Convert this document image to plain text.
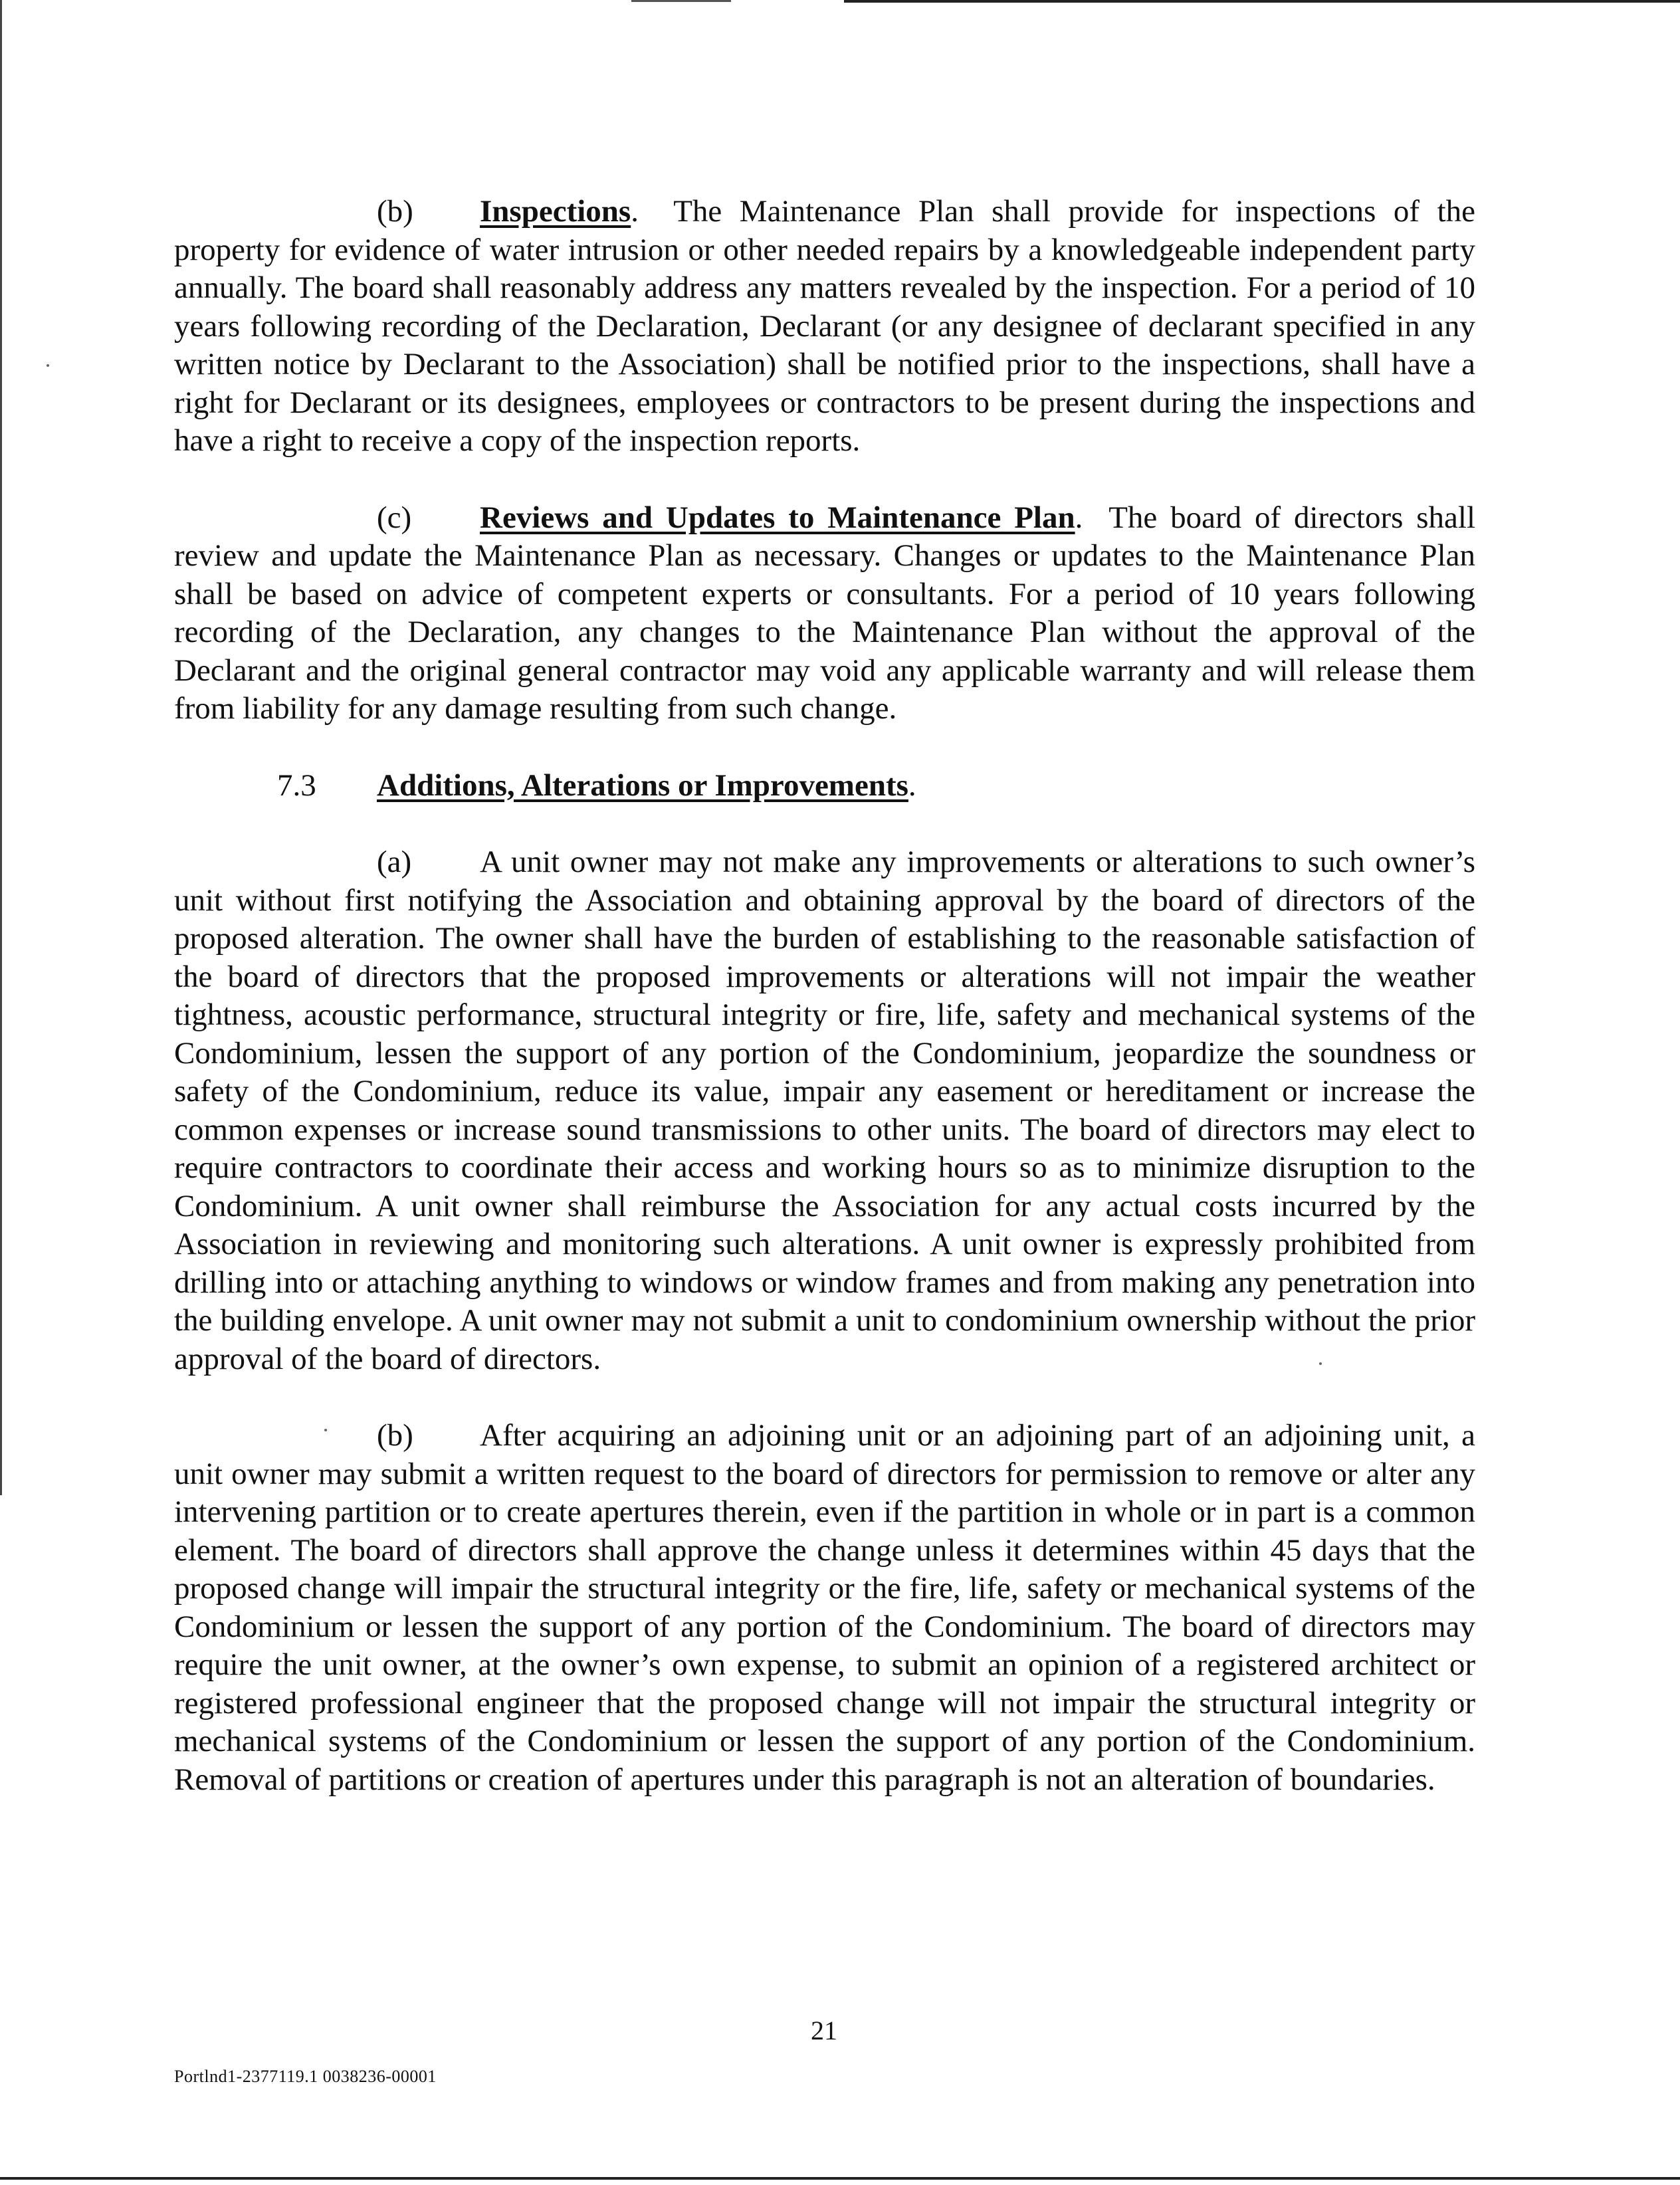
(b) Inspections. The Maintenance Plan shall provide for inspections of the property for evidence of water intrusion or other needed repairs by a knowledgeable independent party annually. The board shall reasonably address any matters revealed by the inspection. For a period of 10 years following recording of the Declaration, Declarant (or any designee of declarant specified in any written notice by Declarant to the Association) shall be notified prior to the inspections, shall have a right for Declarant or its designees, employees or contractors to be present during the inspections and have a right to receive a copy of the inspection reports.

(c) Reviews and Updates to Maintenance Plan. The board of directors shall review and update the Maintenance Plan as necessary. Changes or updates to the Maintenance Plan shall be based on advice of competent experts or consultants. For a period of 10 years following recording of the Declaration, any changes to the Maintenance Plan without the approval of the Declarant and the original general contractor may void any applicable warranty and will release them from liability for any damage resulting from such change.

7.3 Additions, Alterations or Improvements.

(a) A unit owner may not make any improvements or alterations to such owner’s unit without first notifying the Association and obtaining approval by the board of directors of the proposed alteration. The owner shall have the burden of establishing to the reasonable satisfaction of the board of directors that the proposed improvements or alterations will not impair the weather tightness, acoustic performance, structural integrity or fire, life, safety and mechanical systems of the Condominium, lessen the support of any portion of the Condominium, jeopardize the soundness or safety of the Condominium, reduce its value, impair any easement or hereditament or increase the common expenses or increase sound transmissions to other units. The board of directors may elect to require contractors to coordinate their access and working hours so as to minimize disruption to the Condominium. A unit owner shall reimburse the Association for any actual costs incurred by the Association in reviewing and monitoring such alterations. A unit owner is expressly prohibited from drilling into or attaching anything to windows or window frames and from making any penetration into the building envelope. A unit owner may not submit a unit to condominium ownership without the prior approval of the board of directors.

(b) After acquiring an adjoining unit or an adjoining part of an adjoining unit, a unit owner may submit a written request to the board of directors for permission to remove or alter any intervening partition or to create apertures therein, even if the partition in whole or in part is a common element. The board of directors shall approve the change unless it determines within 45 days that the proposed change will impair the structural integrity or the fire, life, safety or mechanical systems of the Condominium or lessen the support of any portion of the Condominium. The board of directors may require the unit owner, at the owner’s own expense, to submit an opinion of a registered architect or registered professional engineer that the proposed change will not impair the structural integrity or mechanical systems of the Condominium or lessen the support of any portion of the Condominium. Removal of partitions or creation of apertures under this paragraph is not an alteration of boundaries.

21
Portlnd1-2377119.1 0038236-00001
